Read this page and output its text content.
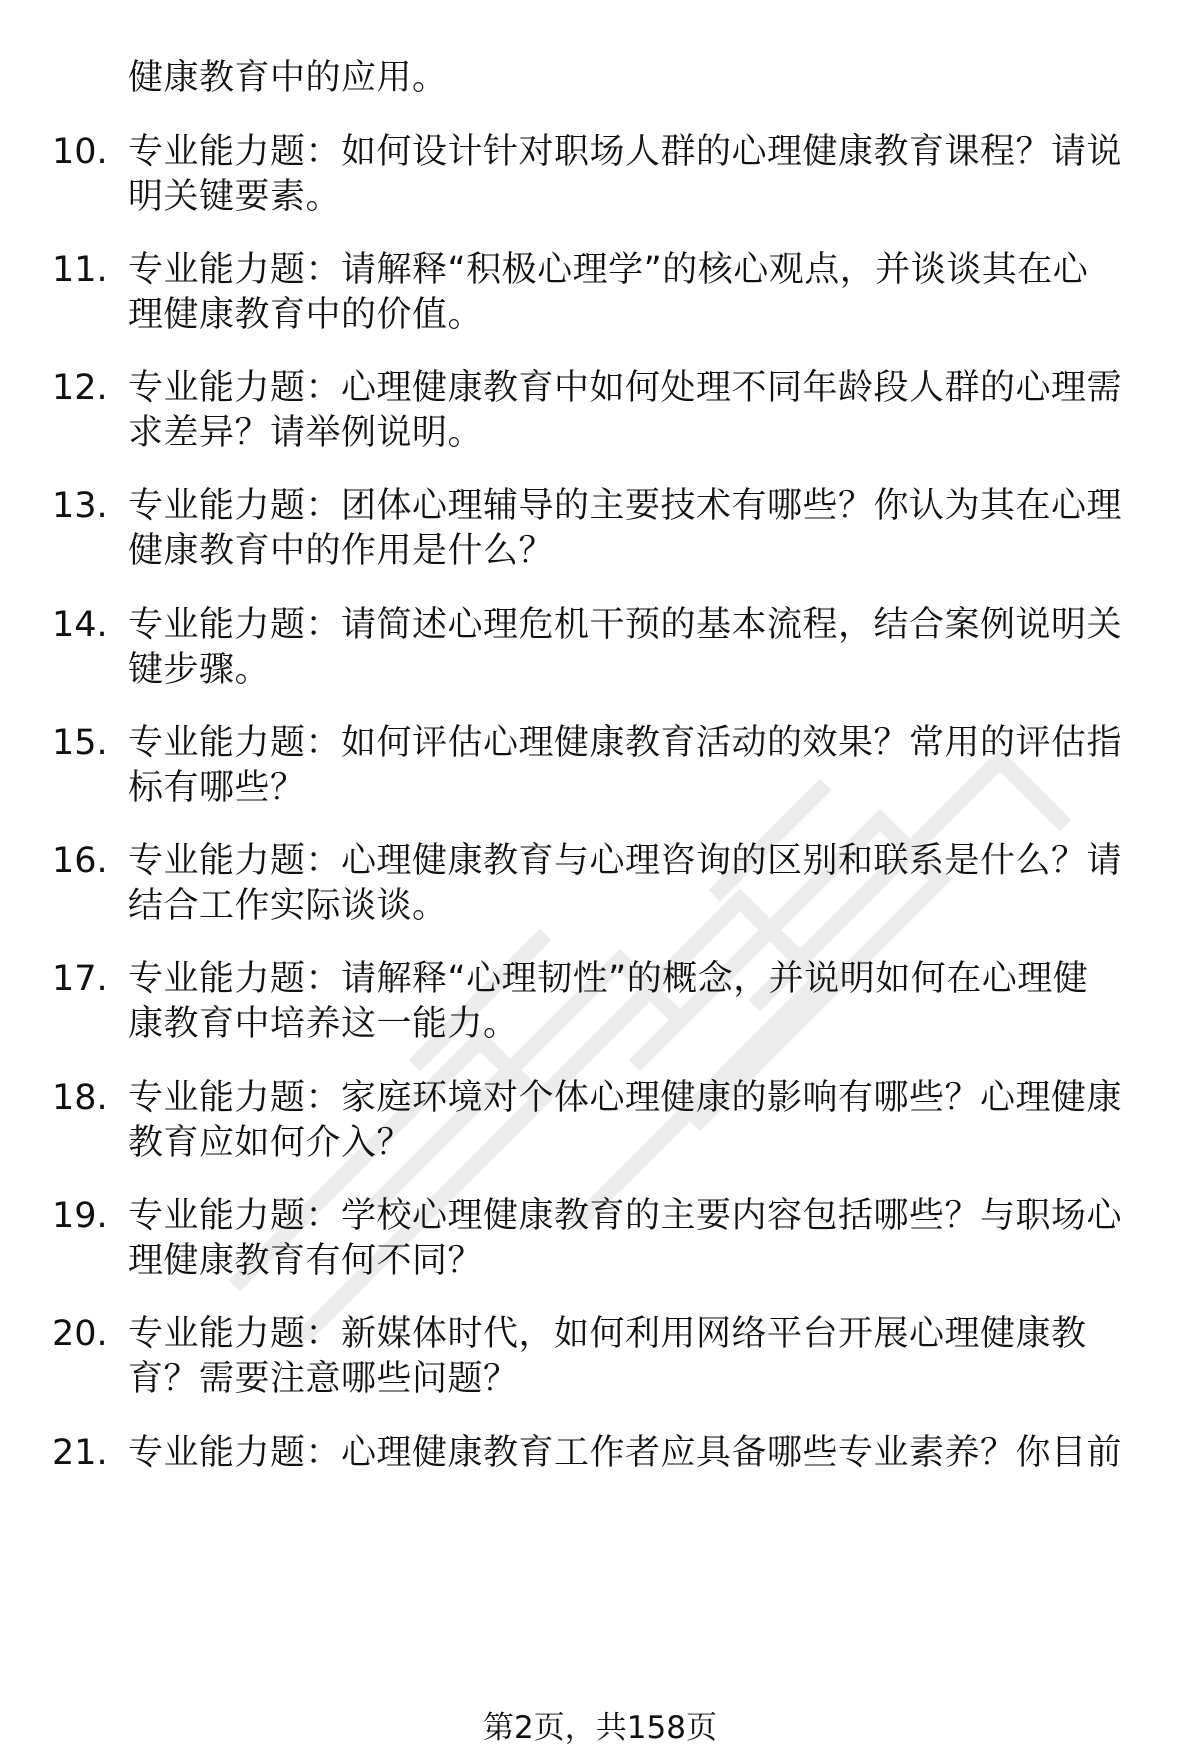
健康教育中的应用。
10. 专业能力题：如何设计针对职场人群的心理健康教育课程？请说
明关键要素。
11. 专业能力题：请解释“积极心理学”的核心观点，并谈谈其在心
理健康教育中的价值。
12. 专业能力题：心理健康教育中如何处理不同年龄段人群的心理需
求差异？请举例说明。
13. 专业能力题：团体心理辅导的主要技术有哪些？你认为其在心理
健康教育中的作用是什么？
14. 专业能力题：请简述心理危机干预的基本流程，结合案例说明关
键步骤。
15. 专业能力题：如何评估心理健康教育活动的效果？常用的评估指
标有哪些？
16. 专业能力题：心理健康教育与心理咨询的区别和联系是什么？请
结合工作实际谈谈。
17. 专业能力题：请解释“心理韧性”的概念，并说明如何在心理健
康教育中培养这一能力。
18. 专业能力题：家庭环境对个体心理健康的影响有哪些？心理健康
教育应如何介入？
19. 专业能力题：学校心理健康教育的主要内容包括哪些？与职场心
理健康教育有何不同？
20. 专业能力题：新媒体时代，如何利用网络平台开展心理健康教
育？需要注意哪些问题？
21. 专业能力题：心理健康教育工作者应具备哪些专业素养？你目前
第2页，共158页
